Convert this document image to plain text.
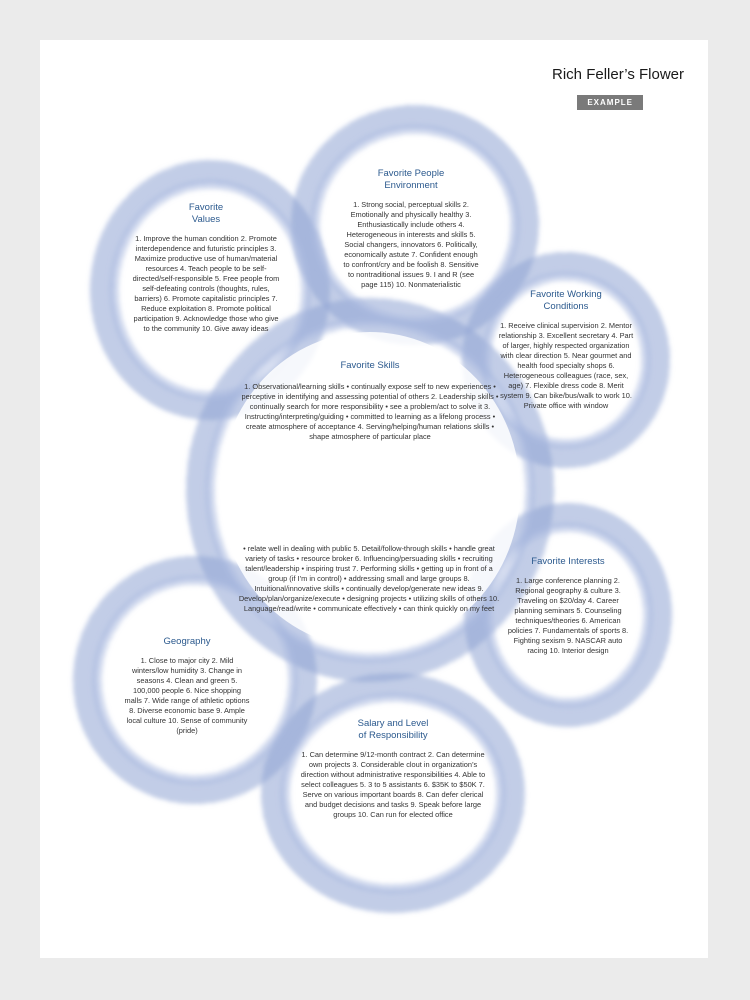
Rich Feller’s Flower
EXAMPLE
Favorite People
Environment

1. Strong social, perceptual skills 2. Emotionally and physically healthy 3. Enthusiastically include others 4. Heterogeneous in interests and skills 5. Social changers, innovators 6. Politically, economically astute 7. Confident enough to confront/cry and be foolish 8. Sensitive to nontraditional issues 9. I and R (see page 115) 10. Nonmaterialistic

Favorite
Values

1. Improve the human condition 2. Promote interdependence and futuristic principles 3. Maximize productive use of human/material resources 4. Teach people to be self-directed/self-responsible 5. Free people from self-defeating controls (thoughts, rules, barriers) 6. Promote capitalistic principles 7. Reduce exploitation 8. Promote political participation 9. Acknowledge those who give to the community 10. Give away ideas

Favorite Working
Conditions

1. Receive clinical supervision 2. Mentor relationship 3. Excellent secretary 4. Part of larger, highly respected organization with clear direction 5. Near gourmet and health food specialty shops 6. Heterogeneous colleagues (race, sex, age) 7. Flexible dress code 8. Merit system 9. Can bike/bus/walk to work 10. Private office with window

Favorite Skills

1. Observational/learning skills • continually expose self to new experiences • perceptive in identifying and assessing potential of others 2. Leadership skills • continually search for more responsibility • see a problem/act to solve it 3. Instructing/interpreting/guiding • committed to learning as a lifelong process • create atmosphere of acceptance 4. Serving/helping/human relations skills • shape atmosphere of particular place

• relate well in dealing with public 5. Detail/follow-through skills • handle great variety of tasks • resource broker 6. Influencing/persuading skills • recruiting talent/leadership • inspiring trust 7. Performing skills • getting up in front of a group (if I’m in control) • addressing small and large groups 8. Intuitional/innovative skills • continually develop/generate new ideas 9. Develop/plan/organize/execute • designing projects • utilizing skills of others 10. Language/read/write • communicate effectively • can think quickly on my feet

Favorite Interests

1. Large conference planning 2. Regional geography & culture 3. Traveling on $20/day 4. Career planning seminars 5. Counseling techniques/theories 6. American policies 7. Fundamentals of sports 8. Fighting sexism 9. NASCAR auto racing 10. Interior design

Geography

1. Close to major city 2. Mild winters/low humidity 3. Change in seasons 4. Clean and green 5. 100,000 people 6. Nice shopping malls 7. Wide range of athletic options 8. Diverse economic base 9. Ample local culture 10. Sense of community (pride)

Salary and Level
of Responsibility

1. Can determine 9/12-month contract 2. Can determine own projects 3. Considerable clout in organization’s direction without administrative responsibilities 4. Able to select colleagues 5. 3 to 5 assistants 6. $35K to $50K 7. Serve on various important boards 8. Can defer clerical and budget decisions and tasks 9. Speak before large groups 10. Can run for elected office
